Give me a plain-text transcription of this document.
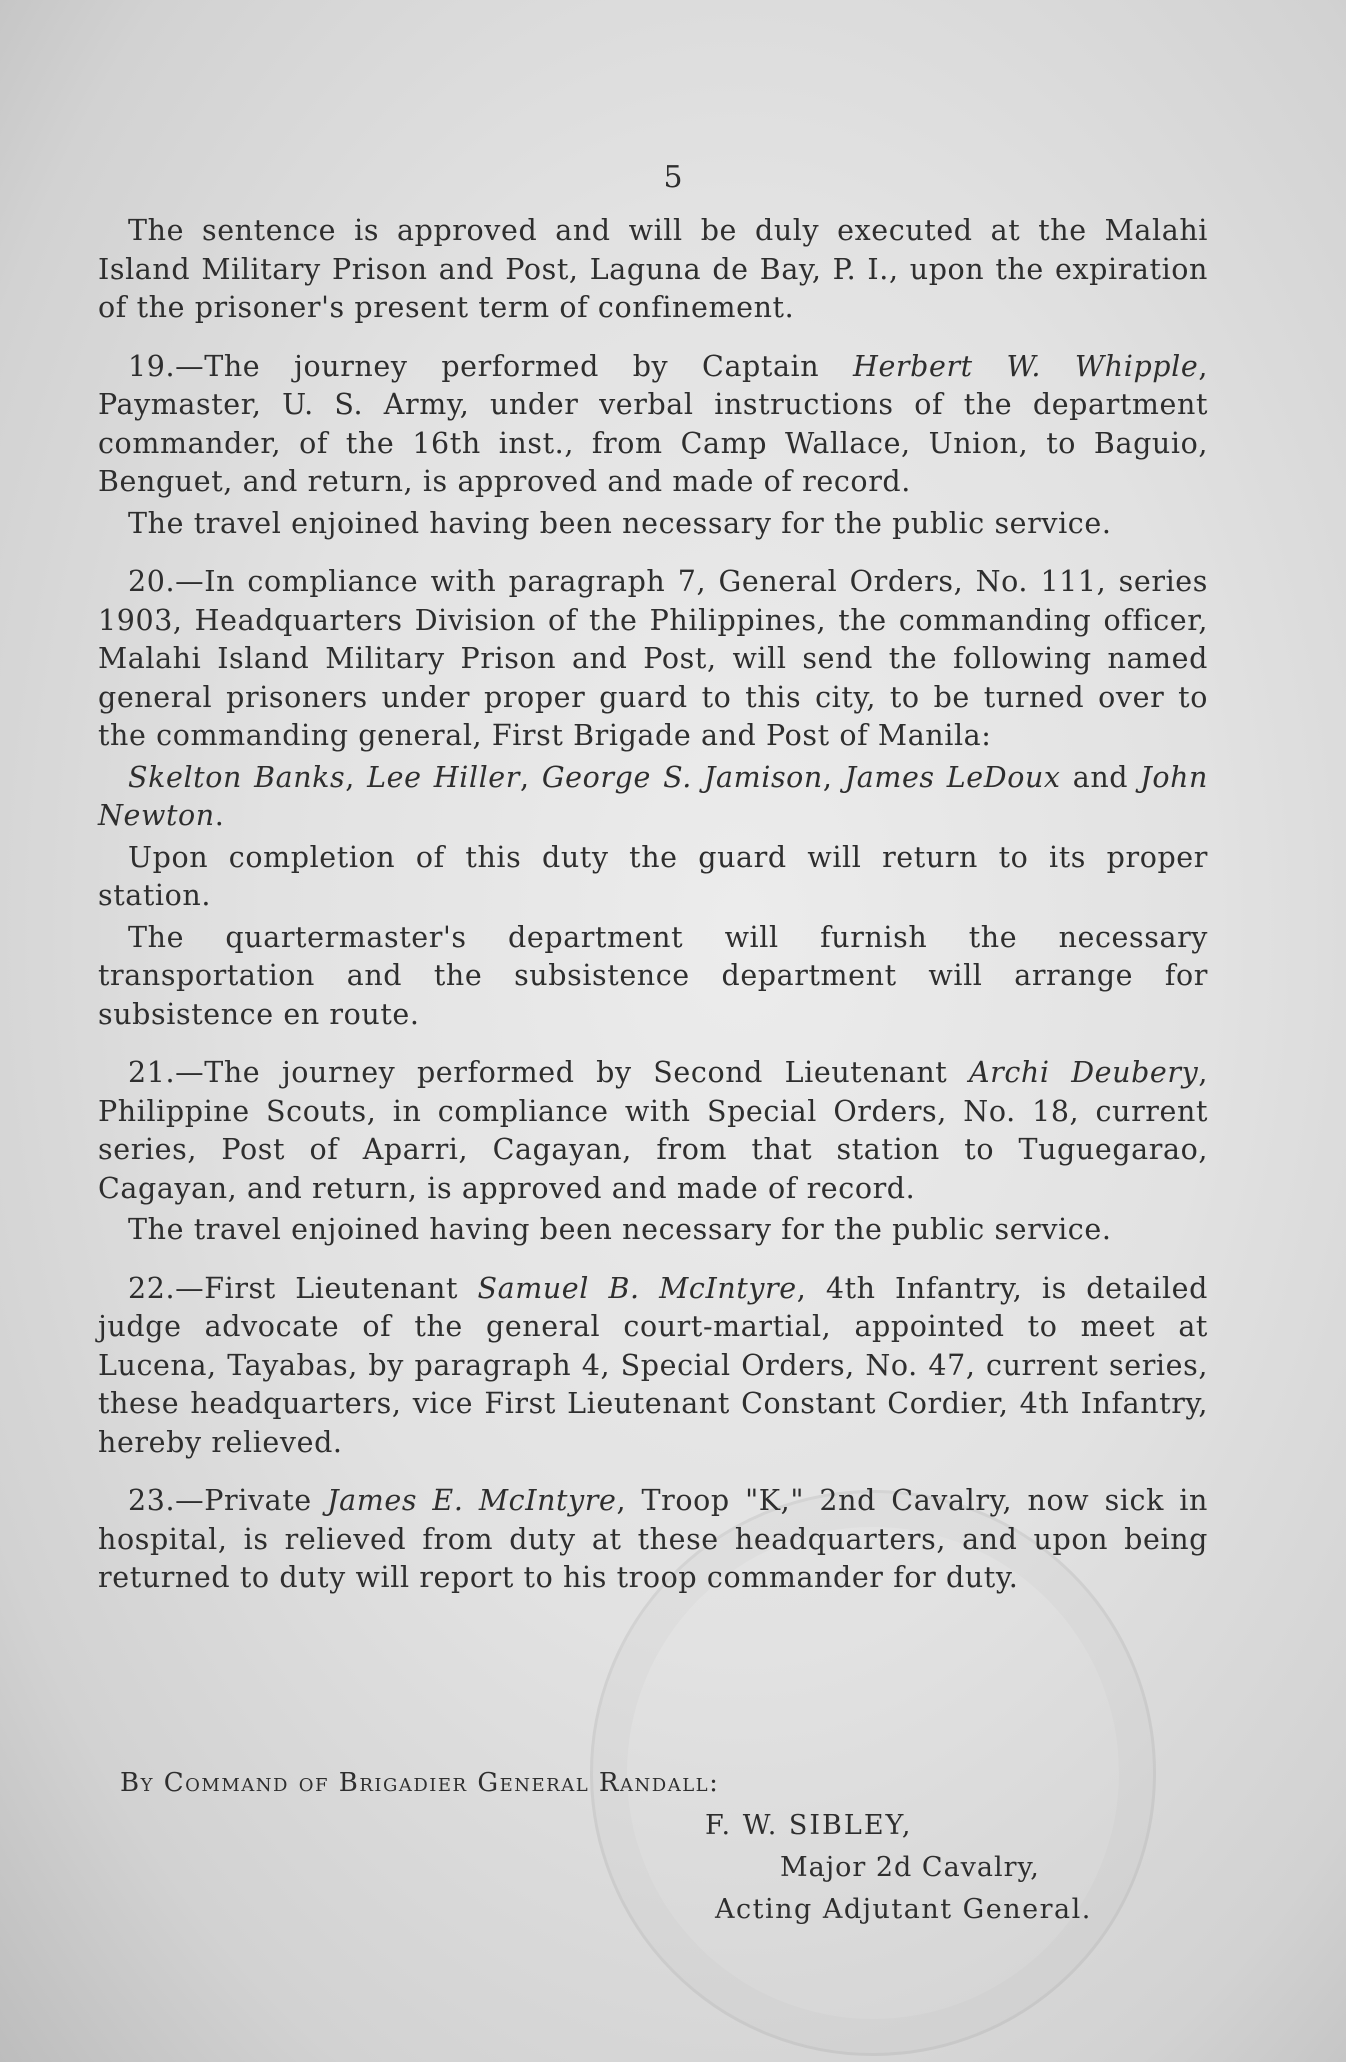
5

The sentence is approved and will be duly executed at the Malahi Island Military Prison and Post, Laguna de Bay, P. I., upon the expiration of the prisoner's present term of confinement.

19.—The journey performed by Captain Herbert W. Whipple, Paymaster, U. S. Army, under verbal instructions of the department commander, of the 16th inst., from Camp Wallace, Union, to Baguio, Benguet, and return, is approved and made of record.

The travel enjoined having been necessary for the public service.

20.—In compliance with paragraph 7, General Orders, No. 111, series 1903, Headquarters Division of the Philippines, the commanding officer, Malahi Island Military Prison and Post, will send the following named general prisoners under proper guard to this city, to be turned over to the commanding general, First Brigade and Post of Manila:

Skelton Banks, Lee Hiller, George S. Jamison, James LeDoux and John Newton.

Upon completion of this duty the guard will return to its proper station.

The quartermaster's department will furnish the necessary transportation and the subsistence department will arrange for subsistence en route.

21.—The journey performed by Second Lieutenant Archi Deubery, Philippine Scouts, in compliance with Special Orders, No. 18, current series, Post of Aparri, Cagayan, from that station to Tuguegarao, Cagayan, and return, is approved and made of record.

The travel enjoined having been necessary for the public service.

22.—First Lieutenant Samuel B. McIntyre, 4th Infantry, is detailed judge advocate of the general court-martial, appointed to meet at Lucena, Tayabas, by paragraph 4, Special Orders, No. 47, current series, these headquarters, vice First Lieutenant Constant Cordier, 4th Infantry, hereby relieved.

23.—Private James E. McIntyre, Troop "K," 2nd Cavalry, now sick in hospital, is relieved from duty at these headquarters, and upon being returned to duty will report to his troop commander for duty.

By Command of Brigadier General Randall:
F. W. SIBLEY,
Major 2d Cavalry,
Acting Adjutant General.
